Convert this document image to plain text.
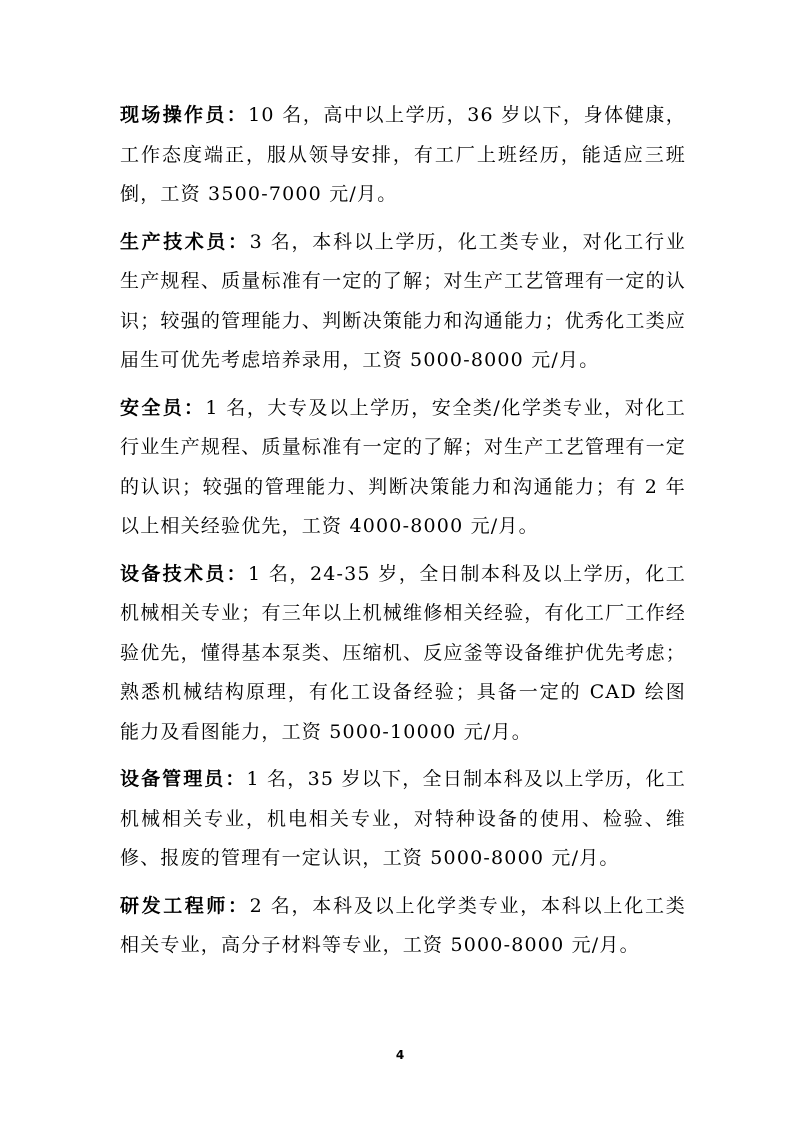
现场操作员：10 名，高中以上学历，36 岁以下，身体健康，工作态度端正，服从领导安排，有工厂上班经历，能适应三班倒，工资 3500-7000 元/月。

生产技术员：3 名，本科以上学历，化工类专业，对化工行业生产规程、质量标准有一定的了解；对生产工艺管理有一定的认识；较强的管理能力、判断决策能力和沟通能力；优秀化工类应届生可优先考虑培养录用，工资 5000-8000 元/月。

安全员：1 名，大专及以上学历，安全类/化学类专业，对化工行业生产规程、质量标准有一定的了解；对生产工艺管理有一定的认识；较强的管理能力、判断决策能力和沟通能力；有 2 年以上相关经验优先，工资 4000-8000 元/月。

设备技术员：1 名，24-35 岁，全日制本科及以上学历，化工机械相关专业；有三年以上机械维修相关经验，有化工厂工作经验优先，懂得基本泵类、压缩机、反应釜等设备维护优先考虑；熟悉机械结构原理，有化工设备经验；具备一定的 CAD 绘图能力及看图能力，工资 5000-10000 元/月。

设备管理员：1 名，35 岁以下，全日制本科及以上学历，化工机械相关专业，机电相关专业，对特种设备的使用、检验、维修、报废的管理有一定认识，工资 5000-8000 元/月。

研发工程师：2 名，本科及以上化学类专业，本科以上化工类相关专业，高分子材料等专业，工资 5000-8000 元/月。

4
